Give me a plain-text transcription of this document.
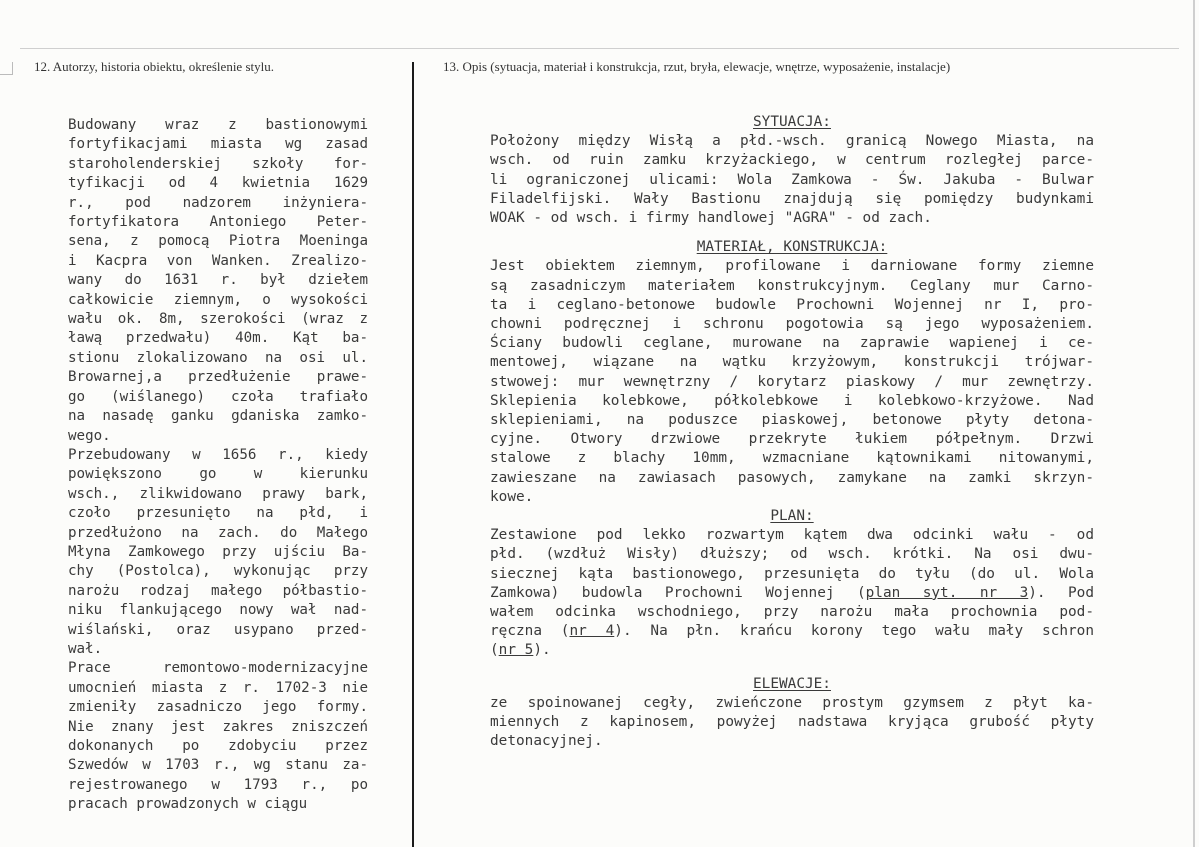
12. Autorzy, historia obiektu, określenie stylu.	13. Opis (sytuacja, materiał i konstrukcja, rzut, bryła, elewacje, wnętrze, wyposażenie, instalacje)
Budowany wraz z bastionowymi
fortyfikacjami miasta wg zasad
staroholenderskiej szkoły for-
tyfikacji od 4 kwietnia 1629
r., pod nadzorem inżyniera-
fortyfikatora Antoniego Peter-
sena, z pomocą Piotra Moeninga
i Kacpra von Wanken. Zrealizo-
wany do 1631 r. był dziełem
całkowicie ziemnym, o wysokości
wału ok. 8m, szerokości (wraz z
ławą przedwału) 40m. Kąt ba-
stionu zlokalizowano na osi ul.
Browarnej,a przedłużenie prawe-
go (wiślanego) czoła trafiało
na nasadę ganku gdaniska zamko-
wego.
Przebudowany w 1656 r., kiedy
powiększono go w kierunku
wsch., zlikwidowano prawy bark,
czoło przesunięto na płd, i
przedłużono na zach. do Małego
Młyna Zamkowego przy ujściu Ba-
chy (Postolca), wykonując przy
narożu rodzaj małego półbastio-
niku flankującego nowy wał nad-
wiślański, oraz usypano przed-
wał.
Prace remontowo-modernizacyjne
umocnień miasta z r. 1702-3 nie
zmieniły zasadniczo jego formy.
Nie znany jest zakres zniszczeń
dokonanych po zdobyciu przez
Szwedów w 1703 r., wg stanu za-
rejestrowanego w 1793 r., po
pracach prowadzonych w ciągu
SYTUACJA:
Położony między Wisłą a płd.-wsch. granicą Nowego Miasta, na
wsch. od ruin zamku krzyżackiego, w centrum rozległej parce-
li ograniczonej ulicami: Wola Zamkowa - Św. Jakuba - Bulwar
Filadelfijski. Wały Bastionu znajdują się pomiędzy budynkami
WOAK - od wsch. i firmy handlowej "AGRA" - od zach.
MATERIAŁ, KONSTRUKCJA:
Jest obiektem ziemnym, profilowane i darniowane formy ziemne
są zasadniczym materiałem konstrukcyjnym. Ceglany mur Carno-
ta i ceglano-betonowe budowle Prochowni Wojennej nr I, pro-
chowni podręcznej i schronu pogotowia są jego wyposażeniem.
Ściany budowli ceglane, murowane na zaprawie wapienej i ce-
mentowej, wiązane na wątku krzyżowym, konstrukcji trójwar-
stwowej: mur wewnętrzny / korytarz piaskowy / mur zewnętrzy.
Sklepienia kolebkowe, półkolebkowe i kolebkowo-krzyżowe. Nad
sklepieniami, na poduszce piaskowej, betonowe płyty detona-
cyjne. Otwory drzwiowe przekryte łukiem półpełnym. Drzwi
stalowe z blachy 10mm, wzmacniane kątownikami nitowanymi,
zawieszane na zawiasach pasowych, zamykane na zamki skrzyn-
kowe.
PLAN:
Zestawione pod lekko rozwartym kątem dwa odcinki wału - od
płd. (wzdłuż Wisły) dłuższy; od wsch. krótki. Na osi dwu-
siecznej kąta bastionowego, przesunięta do tyłu (do ul. Wola
Zamkowa) budowla Prochowni Wojennej (plan syt. nr 3). Pod
wałem odcinka wschodniego, przy narożu mała prochownia pod-
ręczna (nr 4). Na płn. krańcu korony tego wału mały schron
(nr 5).
ELEWACJE:
ze spoinowanej cegły, zwieńczone prostym gzymsem z płyt ka-
miennych z kapinosem, powyżej nadstawa kryjąca grubość płyty
detonacyjnej.
